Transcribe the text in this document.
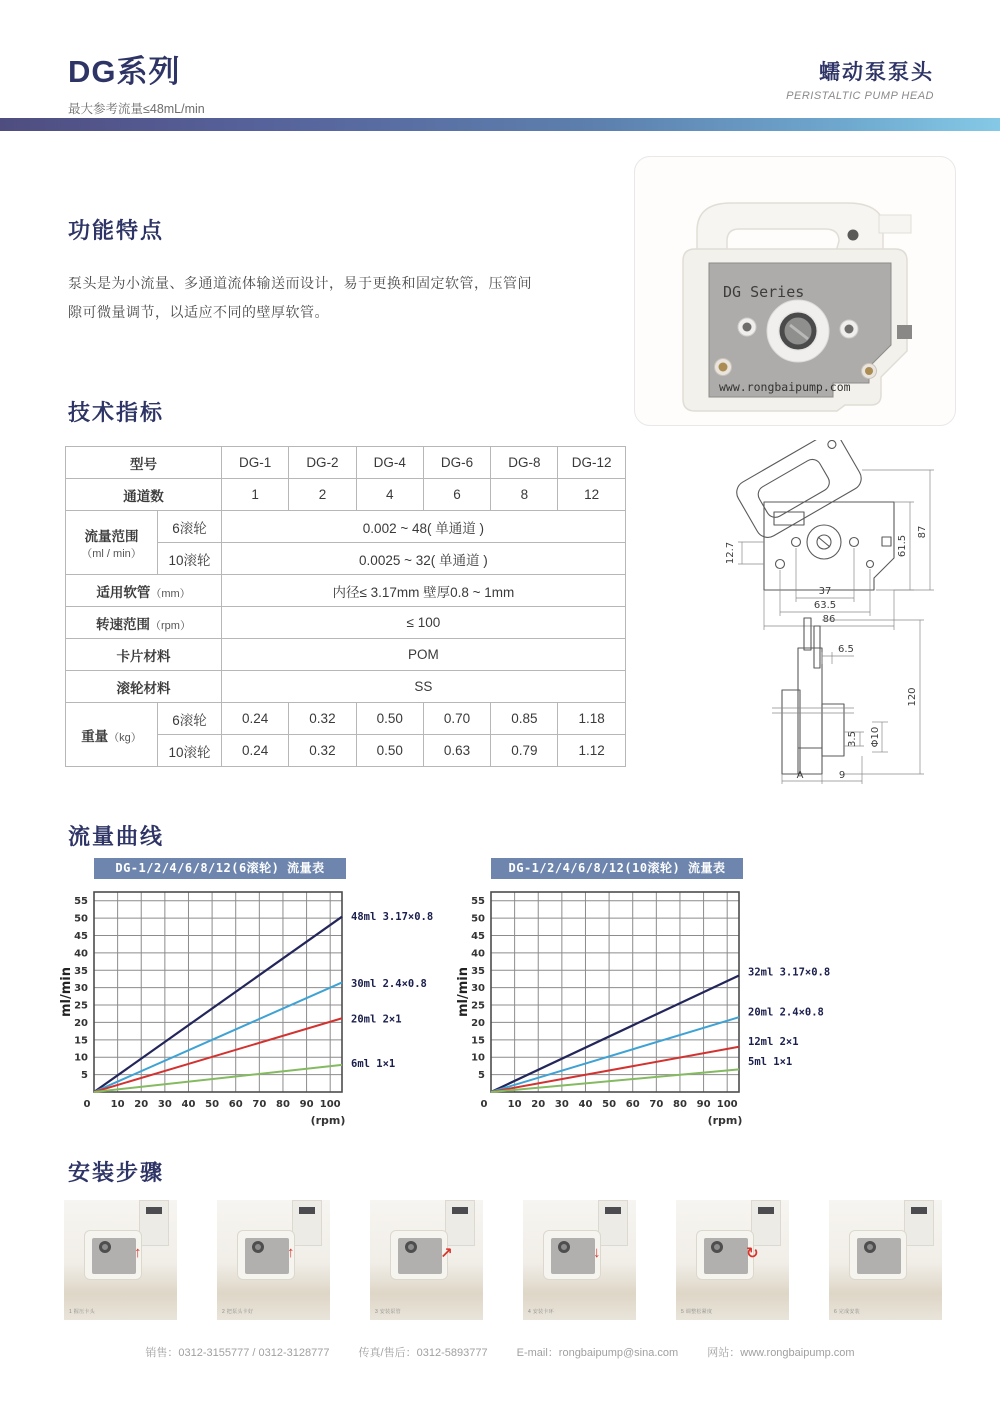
DG系列
最大参考流量≤48mL/min
蠕动泵泵头
PERISTALTIC PUMP HEAD
功能特点

泵头是为小流量、多通道流体输送而设计，易于更换和固定软管，压管间隙可微量调节，以适应不同的壁厚软管。

DG Series
www.rongbaipump.com
技术指标
型号		DG-1	DG-2	DG-4	DG-6	DG-8	DG-12
通道数		1	2	4	6	8	12
流量范围
（ml / min）	6滚轮	0.002 ~ 48( 单通道 )					
	10滚轮	0.0025 ~ 32( 单通道 )					
适用软管（mm）		内径≤ 3.17mm 壁厚0.8 ~ 1mm					
转速范围（rpm）		≤ 100					
卡片材料		POM					
滚轮材料		SS					
重量（kg）	6滚轮	0.24	0.32	0.50	0.70	0.85	1.18
	10滚轮	0.24	0.32	0.50	0.63	0.79	1.12
12.7
37
63.5
86
61.5
87
6.5
120
3.5 Φ10
A	9
流量曲线
DG-1/2/4/6/8/12(6滚轮) 流量表
0 10 20 30 40 50 60 70 80 90 100
5
10
15
20
25
30
35
40
45
50
55
(rpm)
ml/min
48ml 3.17×0.8
30ml 2.4×0.8
20ml 2×1
6ml 1×1
DG-1/2/4/6/8/12(10滚轮) 流量表
0 10 20 30 40 50 60 70 80 90 100
5
10
15
20
25
30
35
40
45
50
55
(rpm)
ml/min	32ml 3.17×0.8
20ml 2.4×0.8
12ml 2×1
5ml 1×1
安装步骤
↑
1 握压卡头
↑
2 把泵头卡好
↗
3 安装泵管
↓
4 安装卡环
↻
5 调整松紧度	6 完成安装
销售：0312-3155777 / 0312-3128777	传真/售后：0312-5893777	E-mail：rongbaipump@sina.com	网站：www.rongbaipump.com
